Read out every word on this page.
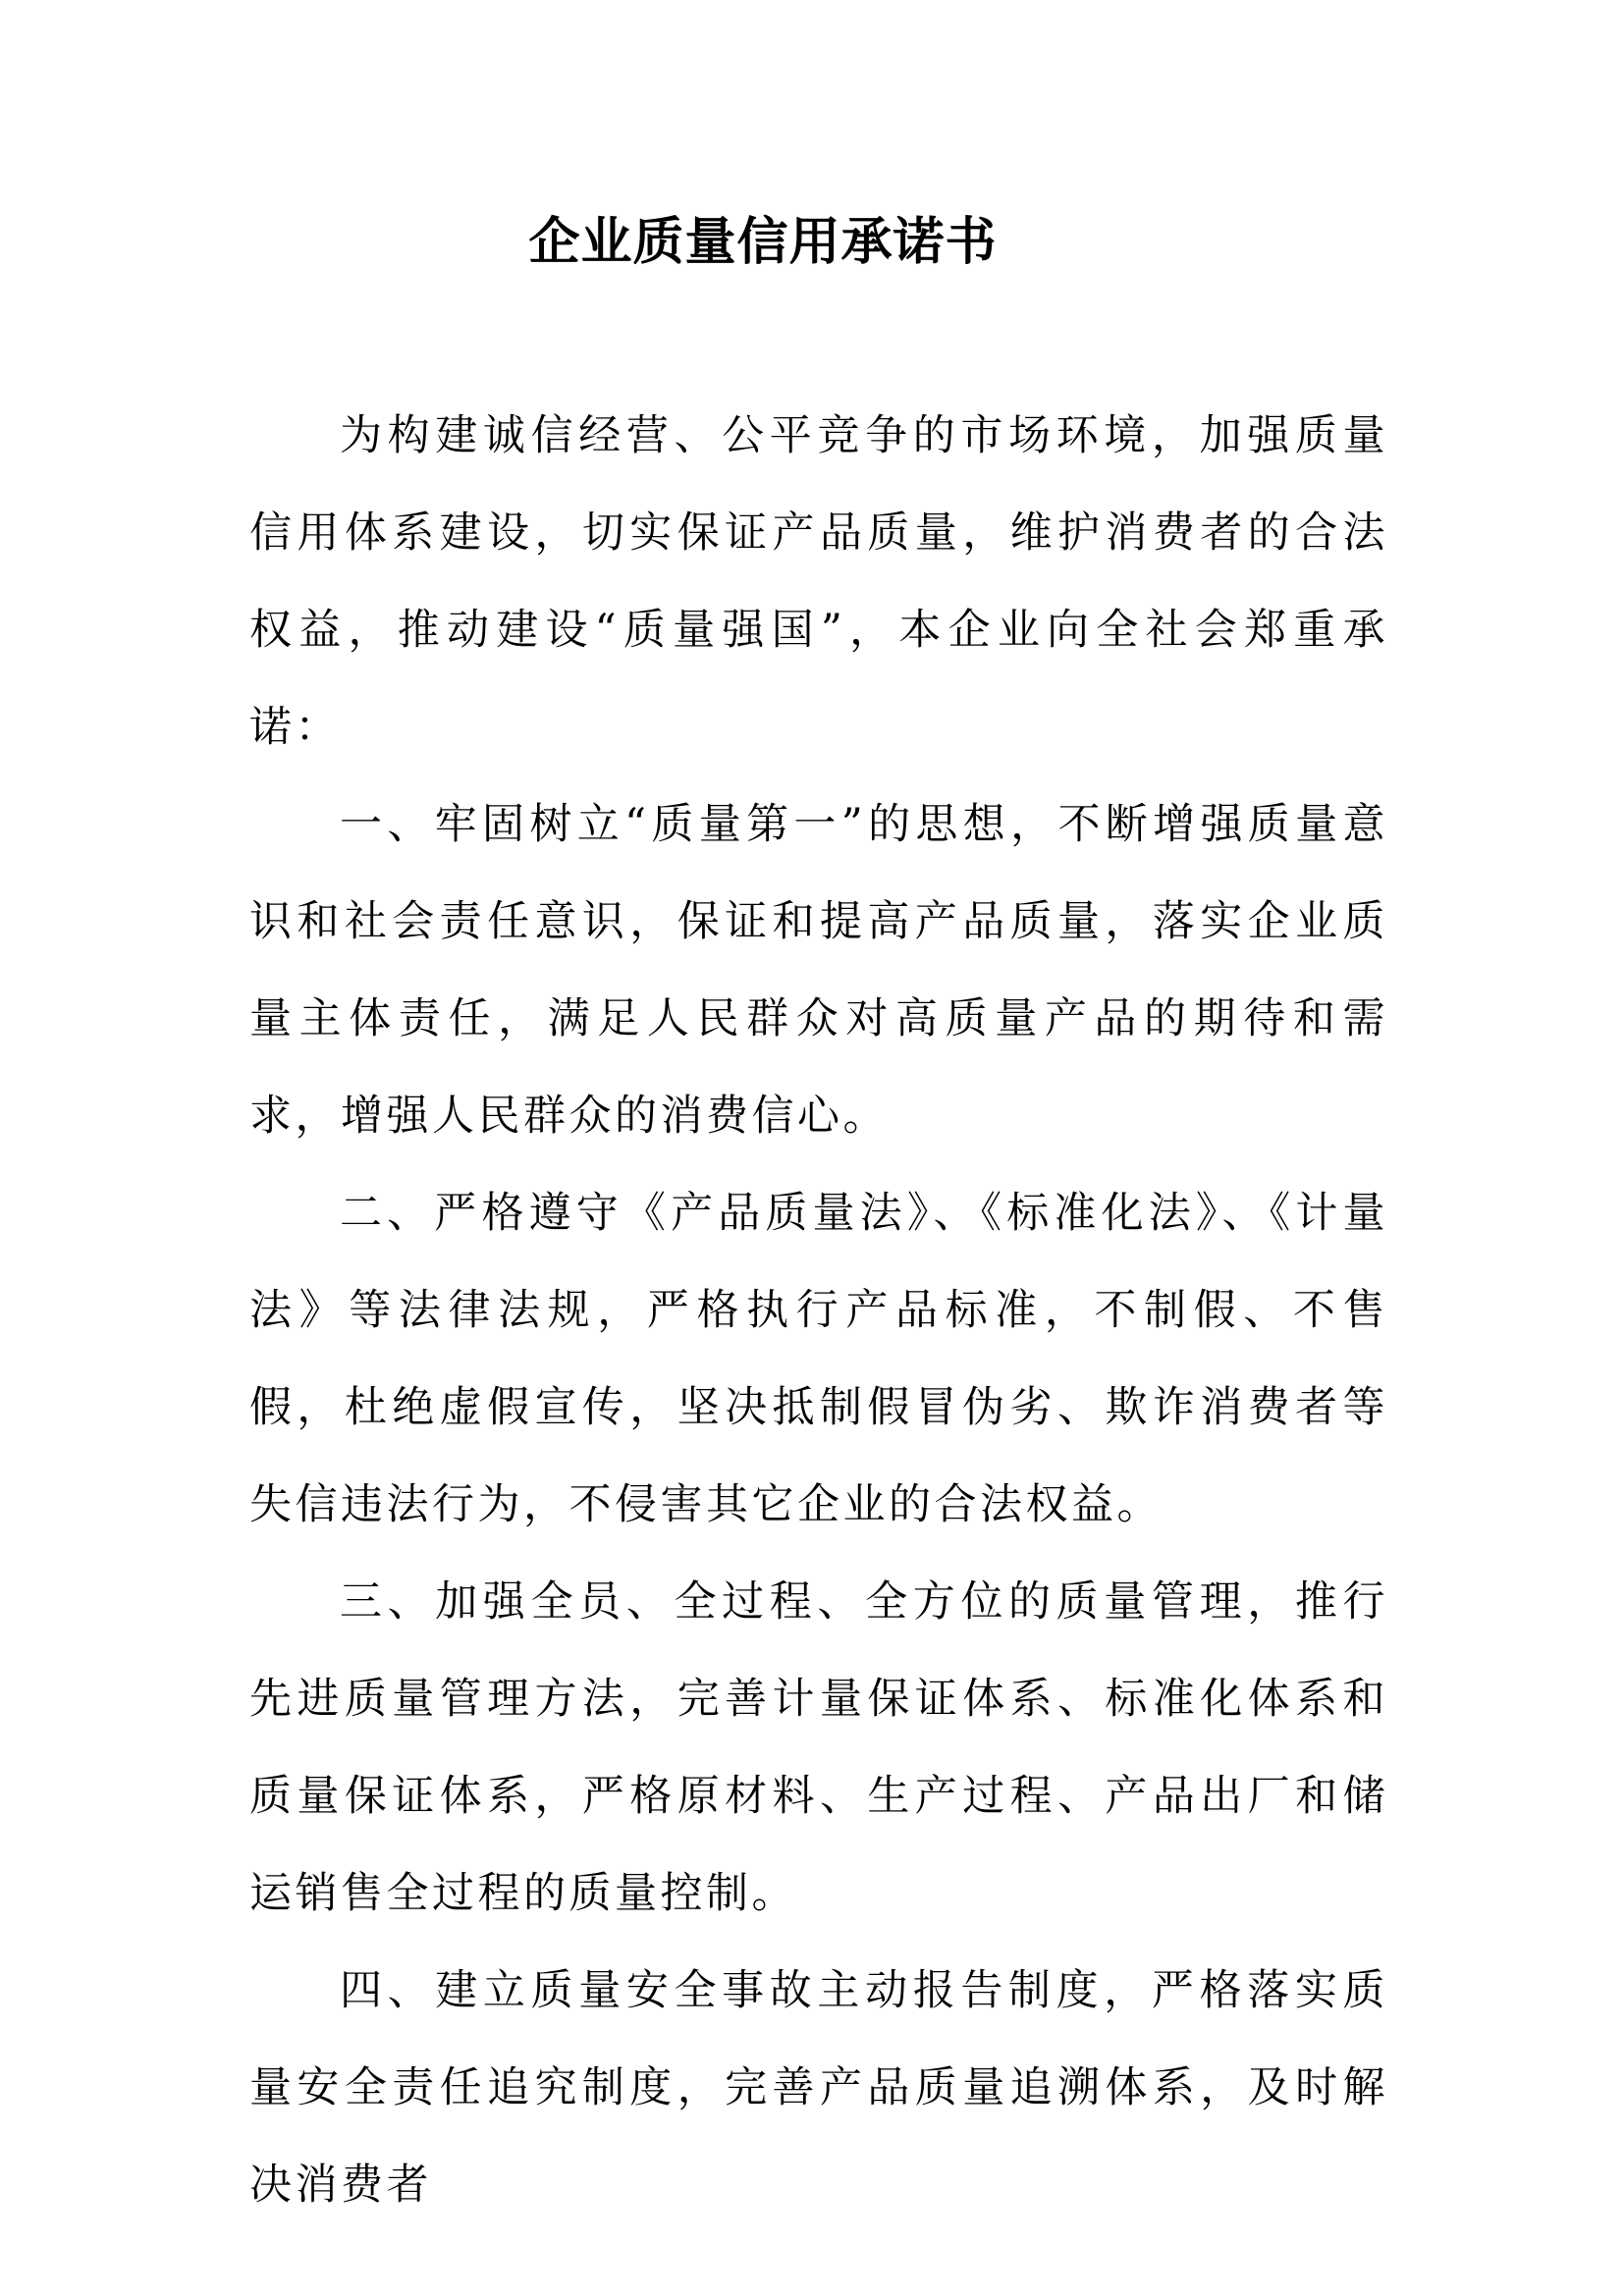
企业质量信用承诺书

为构建诚信经营、公平竞争的市场环境，加强质量信用体系建设，切实保证产品质量，维护消费者的合法权益，推动建设“质量强国”，本企业向全社会郑重承诺：

一、牢固树立“质量第一”的思想，不断增强质量意识和社会责任意识，保证和提高产品质量，落实企业质量主体责任，满足人民群众对高质量产品的期待和需求，增强人民群众的消费信心。

二、严格遵守《产品质量法》、《标准化法》、《计量法》等法律法规，严格执行产品标准，不制假、不售假，杜绝虚假宣传，坚决抵制假冒伪劣、欺诈消费者等失信违法行为，不侵害其它企业的合法权益。

三、加强全员、全过程、全方位的质量管理，推行先进质量管理方法，完善计量保证体系、标准化体系和质量保证体系，严格原材料、生产过程、产品出厂和储运销售全过程的质量控制。

四、建立质量安全事故主动报告制度，严格落实质量安全责任追究制度，完善产品质量追溯体系，及时解决消费者
